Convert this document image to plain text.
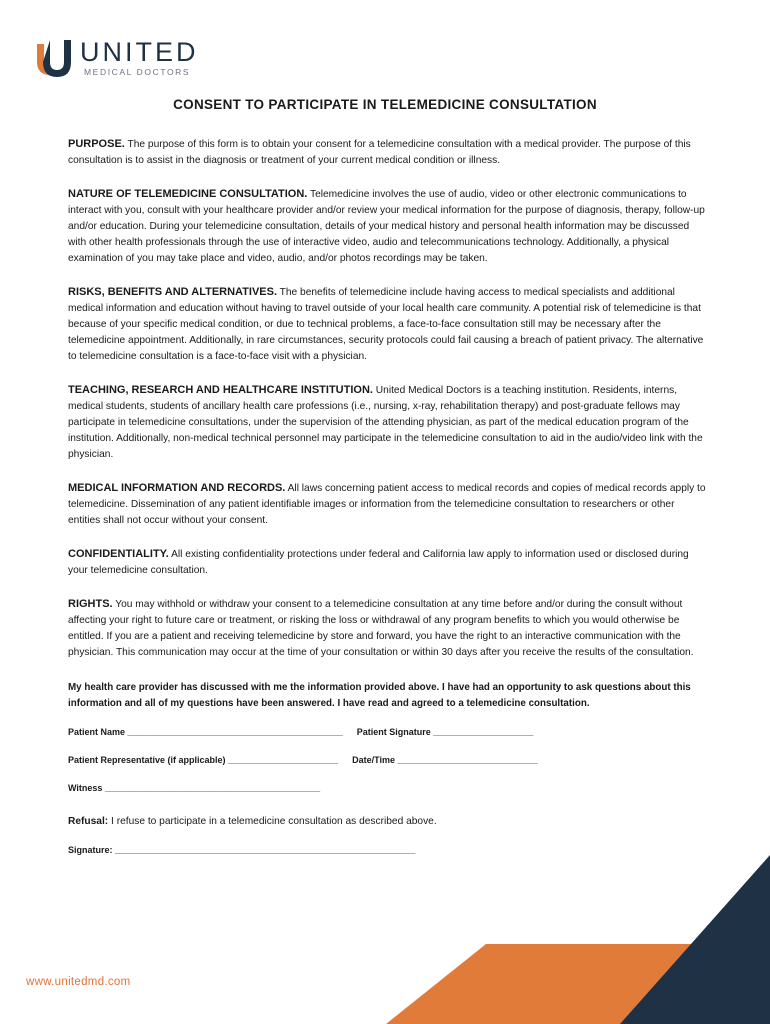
UNITED
MEDICAL DOCTORS
CONSENT TO PARTICIPATE IN TELEMEDICINE CONSULTATION
PURPOSE. The purpose of this form is to obtain your consent for a telemedicine consultation with a medical provider. The purpose of this consultation is to assist in the diagnosis or treatment of your current medical condition or illness.
NATURE OF TELEMEDICINE CONSULTATION. Telemedicine involves the use of audio, video or other electronic communications to interact with you, consult with your healthcare provider and/or review your medical information for the purpose of diagnosis, therapy, follow-up and/or education. During your telemedicine consultation, details of your medical history and personal health information may be discussed with other health professionals through the use of interactive video, audio and telecommunications technology. Additionally, a physical examination of you may take place and video, audio, and/or photos recordings may be taken.
RISKS, BENEFITS AND ALTERNATIVES. The benefits of telemedicine include having access to medical specialists and additional medical information and education without having to travel outside of your local health care community. A potential risk of telemedicine is that because of your specific medical condition, or due to technical problems, a face-to-face consultation still may be necessary after the telemedicine appointment. Additionally, in rare circumstances, security protocols could fail causing a breach of patient privacy. The alternative to telemedicine consultation is a face-to-face visit with a physician.
TEACHING, RESEARCH AND HEALTHCARE INSTITUTION. United Medical Doctors is a teaching institution. Residents, interns, medical students, students of ancillary health care professions (i.e., nursing, x-ray, rehabilitation therapy) and post-graduate fellows may participate in telemedicine consultations, under the supervision of the attending physician, as part of the medical education program of the institution. Additionally, non-medical technical personnel may participate in the telemedicine consultation to aid in the audio/video link with the physician.
MEDICAL INFORMATION AND RECORDS. All laws concerning patient access to medical records and copies of medical records apply to telemedicine. Dissemination of any patient identifiable images or information from the telemedicine consultation to researchers or other entities shall not occur without your consent.
CONFIDENTIALITY. All existing confidentiality protections under federal and California law apply to information used or disclosed during your telemedicine consultation.
RIGHTS. You may withhold or withdraw your consent to a telemedicine consultation at any time before and/or during the consult without affecting your right to future care or treatment, or risking the loss or withdrawal of any program benefits to which you would otherwise be entitled. If you are a patient and receiving telemedicine by store and forward, you have the right to an interactive communication with the physician. This communication may occur at the time of your consultation or within 30 days after you receive the results of the consultation.
My health care provider has discussed with me the information provided above. I have had an opportunity to ask questions about this information and all of my questions have been answered. I have read and agreed to a telemedicine consultation.
Patient Name ___________________________________________ Patient Signature ____________________
Patient Representative (if applicable) ______________________ Date/Time ____________________________
Witness ___________________________________________
Refusal: I refuse to participate in a telemedicine consultation as described above.
Signature: ____________________________________________________________
www.unitedmd.com
